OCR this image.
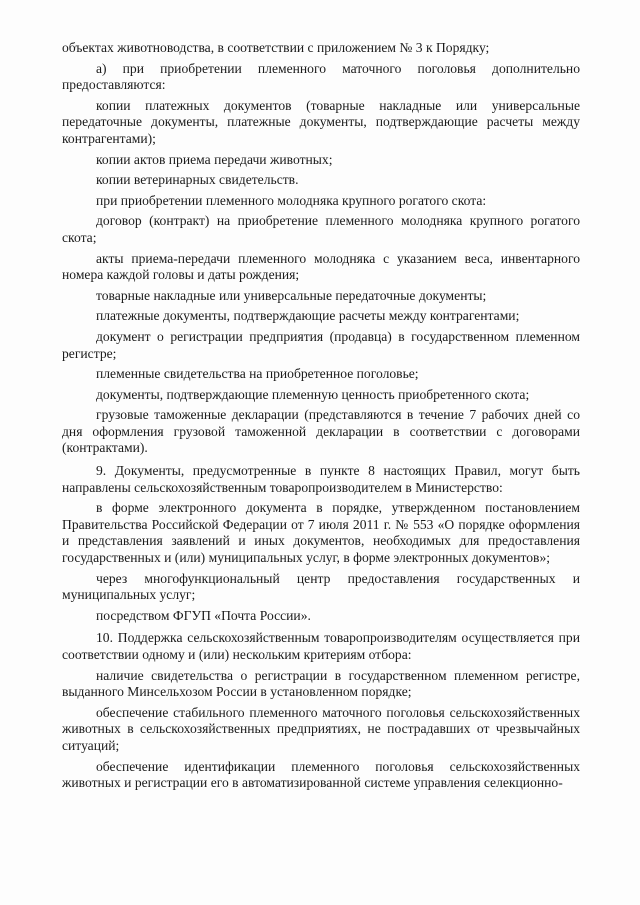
объектах животноводства, в соответствии с приложением № 3 к Порядку;

а) при приобретении племенного маточного поголовья дополнительно предоставляются:

копии платежных документов (товарные накладные или универсальные передаточные документы, платежные документы, подтверждающие расчеты между контрагентами);

копии актов приема передачи животных;

копии ветеринарных свидетельств.

при приобретении племенного молодняка крупного рогатого скота:

договор (контракт) на приобретение племенного молодняка крупного рогатого скота;

акты приема-передачи племенного молодняка с указанием веса, инвентарного номера каждой головы и даты рождения;

товарные накладные или универсальные передаточные документы;

платежные документы, подтверждающие расчеты между контрагентами;

документ о регистрации предприятия (продавца) в государственном племенном регистре;

племенные свидетельства на приобретенное поголовье;

документы, подтверждающие племенную ценность приобретенного скота;

грузовые таможенные декларации (представляются в течение 7 рабочих дней со дня оформления грузовой таможенной декларации в соответствии с договорами (контрактами).

9. Документы, предусмотренные в пункте 8 настоящих Правил, могут быть направлены сельскохозяйственным товаропроизводителем в Министерство:

в форме электронного документа в порядке, утвержденном постановлением Правительства Российской Федерации от 7 июля 2011 г. № 553 «О порядке оформления и представления заявлений и иных документов, необходимых для предоставления государственных и (или) муниципальных услуг, в форме электронных документов»;

через многофункциональный центр предоставления государственных и муниципальных услуг;

посредством ФГУП «Почта России».

10. Поддержка сельскохозяйственным товаропроизводителям осуществляется при соответствии одному и (или) нескольким критериям отбора:

наличие свидетельства о регистрации в государственном племенном регистре, выданного Минсельхозом России в установленном порядке;

обеспечение стабильного племенного маточного поголовья сельскохозяйственных животных в сельскохозяйственных предприятиях, не пострадавших от чрезвычайных ситуаций;

обеспечение идентификации племенного поголовья сельскохозяйственных животных и регистрации его в автоматизированной системе управления селекционно-
